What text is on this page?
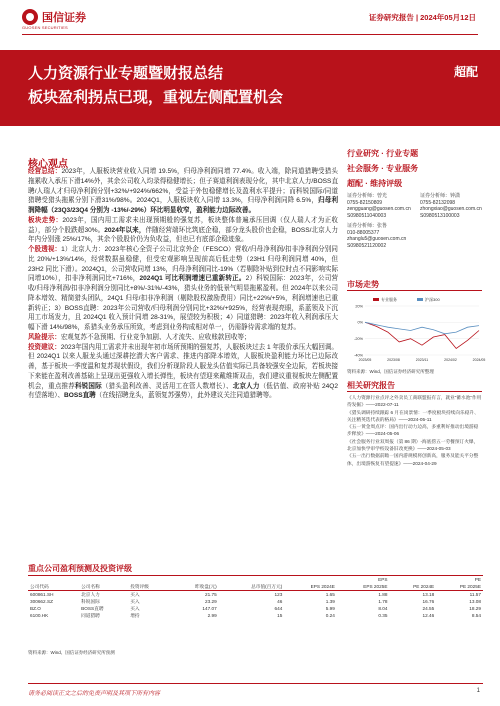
国信证券
GUOSEN SECURITIES
证券研究报告 | 2024年05月12日
人力资源行业专题暨财报总结
板块盈利拐点已现，重视左侧配置机会
超配
核心观点

经营总结：2023年，人服板块营业收入同增 19.5%，归母净利润同增 77.4%。收入端，除同道猎聘受猎头拖累收入承压下滑14%外，其余公司收入均录得稳健增长；但子赛道利润表现分化，其中北京人力/BOSS直聘/人瑞人才归母净利润分别+32%/+924%/662%，受益于外包稳健增长及盈利水平提升；而科锐国际/同道猎聘受猎头拖累分别下滑31%/98%。2024Q1，人服板块收入同增 13.3%，归母净利润同降 6.5%，归母利润降幅（23Q3/23Q4 分别为 -13%/-29%）环比明显收窄，盈利能力边际改善。

板块走势：2023年，国内用工需求未出现预期般的强复苏，板块整体普遍承压回调（仅人瑞人才为正收益），部分个股跌超30%。2024年以来，伴随经营端环比筑底企稳，部分龙头股价也企稳，BOSS/北京人力年内分别涨 25%/17%，其余个股股价仍为负收益，但也已有底部企稳迹象。

个股透视：1）北京人力：2023年核心全资子公司北京外企（FESCO）营收/归母净利润/扣非净利润分别同比 20%/+13%/14%，经营数据虽稳健，但受宏观影响呈现前高后低走势（23H1 归母利润同增 40%，但 23H2 同比下滑）。2024Q1，公司营收同增 13%，归母净利润同比-19%（若剔除补贴到位时点不同影响实际同增10%），扣非净利润同比+716%，2024Q1 可比利润增速已重新转正。2）科锐国际：2023年，公司营收/归母净利润/扣非净利润分别同比+8%/-31%/-43%，猎头业务的低景气明显拖累盈利。但 2024年以来公司降本增效、精简猎头团队，24Q1 归母/扣非净利润（剔除股权激励费用）同比+22%/+5%，利润增速也已重新转正；3）BOSS直聘：2023年公司营收/归母利润分别同比+32%/+925%，经营表现亮眼，系蓝领及下沉用工市场发力，且 2024Q1 收入预计同增 28-31%，展望较为积极；4）同道猎聘：2023年收入利润承压大幅下滑 14%/98%，系猎头业务承压所致，考虑到业务构成相对单一，仍需静待需求端的复苏。

风险提示：宏观复苏不急预期、行业竞争加剧、人才流失、应收账款回收等；

投资建议：2023年国内用工需求并未出现年初市场所预期的强复苏，人服板块过去 1 年股价承压大幅回调。但 2024Q1 以来人服龙头通过深耕挖潜大客户需求、推进内部降本增效，人服板块盈利能力环比已边际改善，基于板块一季度温和复苏现状假设，我们分析现阶段人服龙头估值实际已具备较强安全边际，若板块接下来能在盈利改善基础上呈现出更强收入增长弹性，板块有望迎来戴维斯双击，我们建议重视板块左侧配置机会，重点推荐科锐国际（猎头盈利改善、灵活用工在管人数增长）、北京人力（低估值、政府补贴 24Q2 有望落地）、BOSS直聘（在线招聘龙头，蓝领复苏强势），此外建议关注同道猎聘等。

行业研究 · 行业专题
社会服务 · 专业服务
超配 · 维持评级
证券分析师：曾光
0755-82150809
zengguang@guosen.com.cn
S0980511040003
证券分析师：钟潇
0755-82132098
zhongxiao@guosen.com.cn
S0980513100003
证券分析师：张鲁
010-88005377
zhanglu5@guosen.com.cn
S0980521120002
市场走势
专业服务	沪深300
20%
0%
-20%
-40%
2023/05	2023/08	2023/11	2024/02	2024/05
资料来源：Wind、国信证券经济研究所整理
相关研究报告
《人力资源行业点评之外卖员工商联盟报有言，就业“蓄水池”作用待发掘》——2022-07-11
《猎头调研持续跟踪 6 月在岗景情：一季度板块持续向乐稳升、关注精英选代表的格局》——2024-05-11
《五一黄金周点评：国内出行动力边高，多重利好推动出境游稳步释放》——2024-05-06
《社会服务行业双周报（第 86 期）-海底捞五一劳餐预订火爆，北京加快学审学校设备旧改更换》——2024-05-03
《五一出行数据前瞻一国内游规模将创新高，服务及能关平分整体，出境游恢复有望提速》——2024-04-29
重点公司盈利预测及投资评级
					EPS		PE	
公司代码	公司名称	投资评级	昨收盘(元)	总市值(百万元)	EPS 2024E	EPS 2025E	PE 2024E	PE 2025E
600861.SH	北京人力	买入	21.75	123	1.65	1.88	13.18	11.57
300662.SZ	科锐国际	买入	23.29	46	1.39	1.78	16.76	13.08
BZ.O	BOSS直聘	买入	147.07	644	5.99	8.04	24.55	18.29
6100.HK	同道猎聘	增持	2.99	15	0.24	0.35	12.46	8.54
资料来源：Wind、国信证券经济研究所预测
请务必阅读正文之后的免责声明及其项下所有内容	1
